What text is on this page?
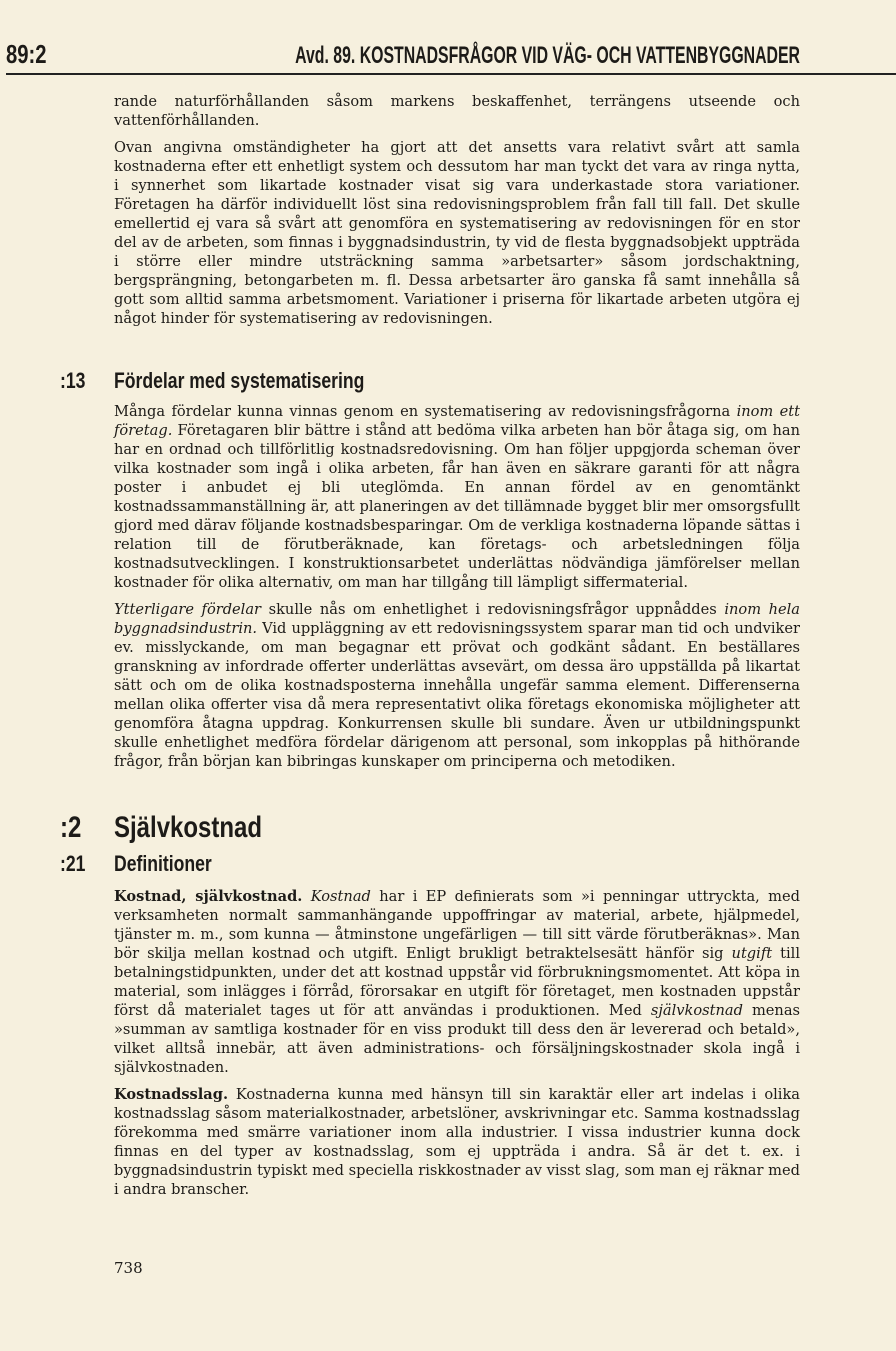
89:2	Avd. 89. KOSTNADSFRÅGOR VID VÄG- OCH VATTENBYGGNADER

rande naturförhållanden såsom markens beskaffenhet, terrängens utseende och vattenförhållanden.

Ovan angivna omständigheter ha gjort att det ansetts vara relativt svårt att samla kostnaderna efter ett enhetligt system och dessutom har man tyckt det vara av ringa nytta, i synnerhet som likartade kostnader visat sig vara underkastade stora variationer. Företagen ha därför individuellt löst sina redovisningsproblem från fall till fall. Det skulle emellertid ej vara så svårt att genomföra en systematisering av redovisningen för en stor del av de arbeten, som finnas i byggnadsindustrin, ty vid de flesta byggnadsobjekt uppträda i större eller mindre utsträckning samma »arbetsarter» såsom jordschaktning, bergsprängning, betongarbeten m. fl. Dessa arbetsarter äro ganska få samt innehålla så gott som alltid samma arbetsmoment. Variationer i priserna för likartade arbeten utgöra ej något hinder för systematisering av redovisningen.

:13 Fördelar med systematisering

Många fördelar kunna vinnas genom en systematisering av redovisningsfrågorna inom ett företag. Företagaren blir bättre i stånd att bedöma vilka arbeten han bör åtaga sig, om han har en ordnad och tillförlitlig kostnadsredovisning. Om han följer uppgjorda scheman över vilka kostnader som ingå i olika arbeten, får han även en säkrare garanti för att några poster i anbudet ej bli uteglömda. En annan fördel av en genomtänkt kostnadssammanställning är, att planeringen av det tillämnade bygget blir mer omsorgsfullt gjord med därav följande kostnadsbesparingar. Om de verkliga kostnaderna löpande sättas i relation till de förutberäknade, kan företags- och arbetsledningen följa kostnadsutvecklingen. I konstruktionsarbetet underlättas nödvändiga jämförelser mellan kostnader för olika alternativ, om man har tillgång till lämpligt siffermaterial.

Ytterligare fördelar skulle nås om enhetlighet i redovisningsfrågor uppnåddes inom hela byggnadsindustrin. Vid uppläggning av ett redovisningssystem sparar man tid och undviker ev. misslyckande, om man begagnar ett prövat och godkänt sådant. En beställares granskning av infordrade offerter underlättas avsevärt, om dessa äro uppställda på likartat sätt och om de olika kostnadsposterna innehålla ungefär samma element. Differenserna mellan olika offerter visa då mera representativt olika företags ekonomiska möjligheter att genomföra åtagna uppdrag. Konkurrensen skulle bli sundare. Även ur utbildningspunkt skulle enhetlighet medföra fördelar därigenom att personal, som inkopplas på hithörande frågor, från början kan bibringas kunskaper om principerna och metodiken.

:2 Självkostnad
:21 Definitioner

Kostnad, självkostnad. Kostnad har i EP definierats som »i penningar uttryckta, med verksamheten normalt sammanhängande uppoffringar av material, arbete, hjälpmedel, tjänster m. m., som kunna — åtminstone ungefärligen — till sitt värde förutberäknas». Man bör skilja mellan kostnad och utgift. Enligt brukligt betraktelsesätt hänför sig utgift till betalningstidpunkten, under det att kostnad uppstår vid förbrukningsmomentet. Att köpa in material, som inlägges i förråd, förorsakar en utgift för företaget, men kostnaden uppstår först då materialet tages ut för att användas i produktionen. Med självkostnad menas »summan av samtliga kostnader för en viss produkt till dess den är levererad och betald», vilket alltså innebär, att även administrations- och försäljningskostnader skola ingå i självkostnaden.

Kostnadsslag. Kostnaderna kunna med hänsyn till sin karaktär eller art indelas i olika kostnadsslag såsom materialkostnader, arbetslöner, avskrivningar etc. Samma kostnadsslag förekomma med smärre variationer inom alla industrier. I vissa industrier kunna dock finnas en del typer av kostnadsslag, som ej uppträda i andra. Så är det t. ex. i byggnadsindustrin typiskt med speciella riskkostnader av visst slag, som man ej räknar med i andra branscher.

738
